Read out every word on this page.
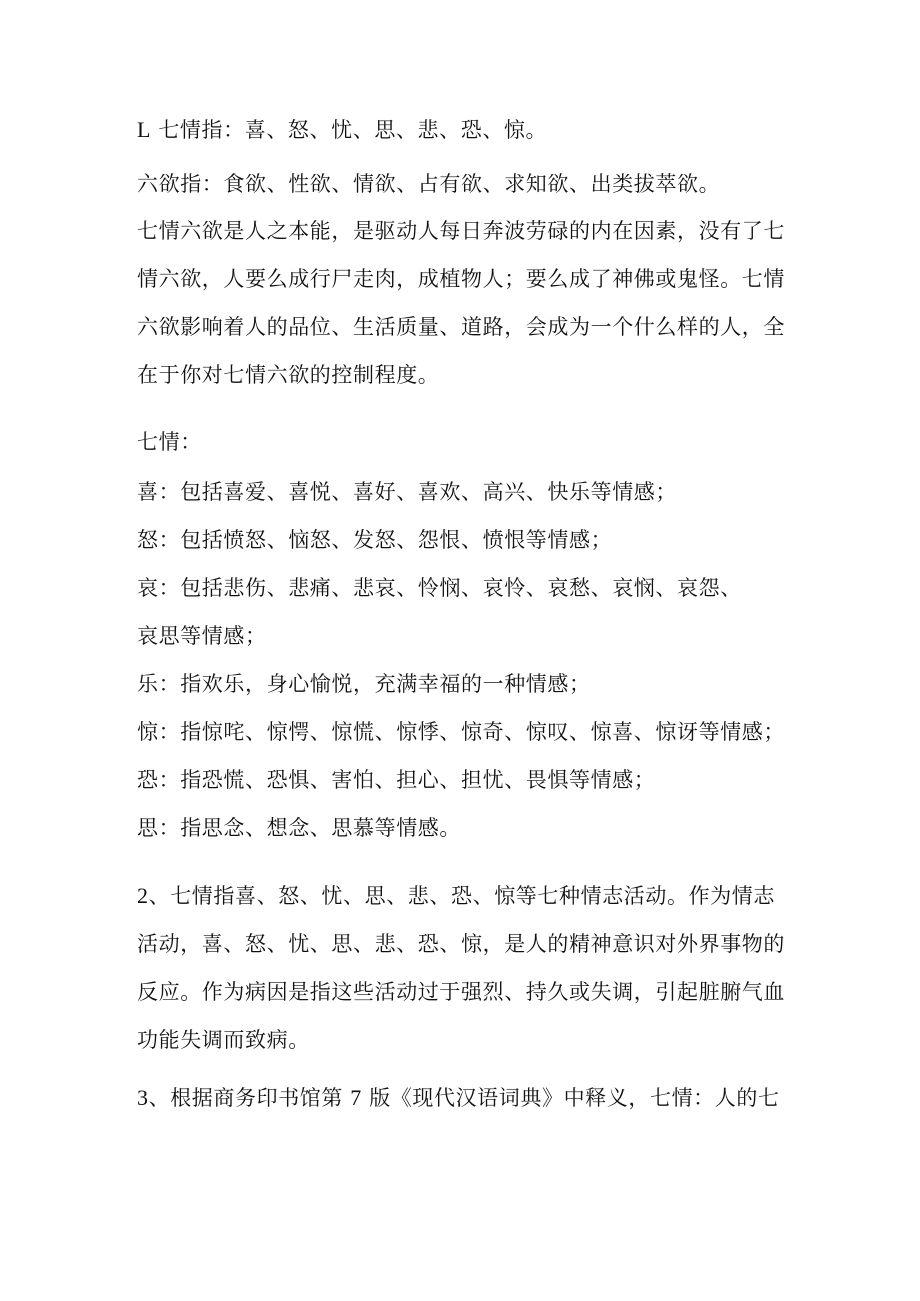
L 七情指：喜、怒、忧、思、悲、恐、惊。
六欲指：食欲、性欲、情欲、占有欲、求知欲、出类拔萃欲。
七情六欲是人之本能，是驱动人每日奔波劳碌的内在因素，没有了七
情六欲，人要么成行尸走肉，成植物人；要么成了神佛或鬼怪。七情
六欲影响着人的品位、生活质量、道路，会成为一个什么样的人，全
在于你对七情六欲的控制程度。
七情：
喜：包括喜爱、喜悦、喜好、喜欢、高兴、快乐等情感；
怒：包括愤怒、恼怒、发怒、怨恨、愤恨等情感；
哀：包括悲伤、悲痛、悲哀、怜悯、哀怜、哀愁、哀悯、哀怨、
哀思等情感；
乐：指欢乐，身心愉悦，充满幸福的一种情感；
惊：指惊咤、惊愕、惊慌、惊悸、惊奇、惊叹、惊喜、惊讶等情感；
恐：指恐慌、恐惧、害怕、担心、担忧、畏惧等情感；
思：指思念、想念、思慕等情感。
2、七情指喜、怒、忧、思、悲、恐、惊等七种情志活动。作为情志
活动，喜、怒、忧、思、悲、恐、惊，是人的精神意识对外界事物的
反应。作为病因是指这些活动过于强烈、持久或失调，引起脏腑气血
功能失调而致病。
3、根据商务印书馆第 7 版《现代汉语词典》中释义，七情：人的七
